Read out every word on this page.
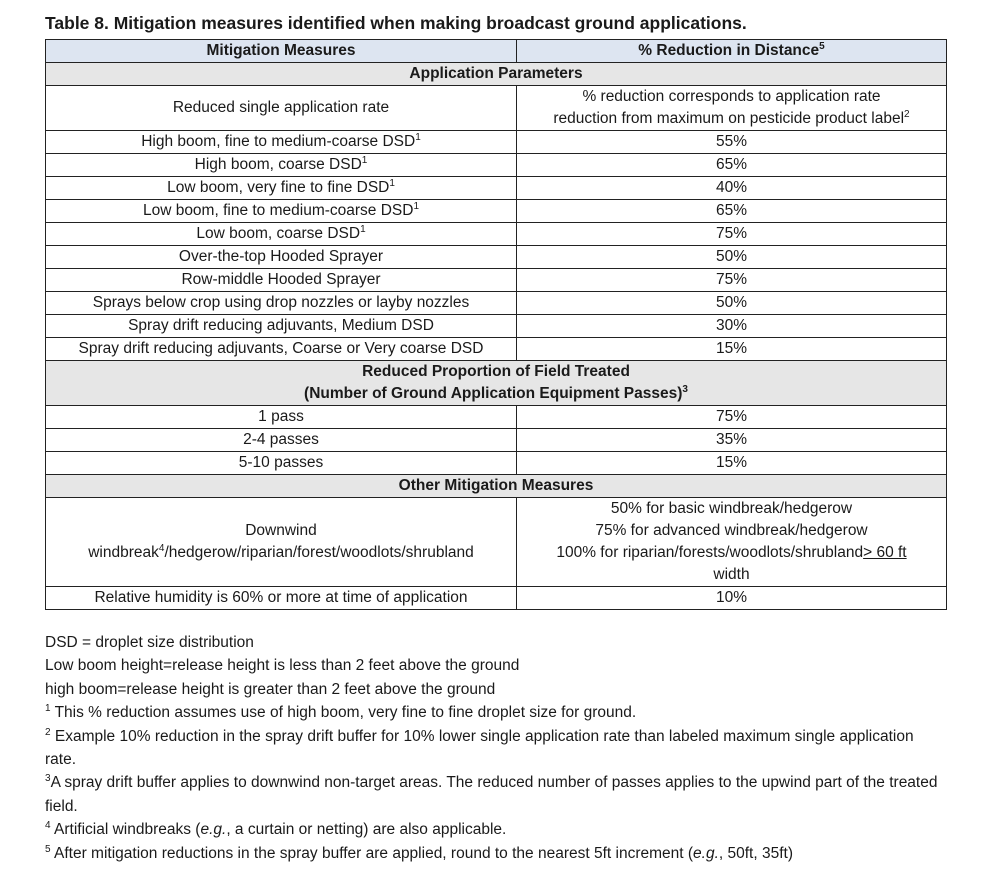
Table 8. Mitigation measures identified when making broadcast ground applications.
Mitigation Measures	% Reduction in Distance$^5$
Application Parameters	
Reduced single application rate	% reduction corresponds to application rate
reduction from maximum on pesticide product label$^2$
High boom, fine to medium-coarse DSD$^1$	55%
High boom, coarse DSD$^1$	65%
Low boom, very fine to fine DSD$^1$	40%
Low boom, fine to medium-coarse DSD$^1$	65%
Low boom, coarse DSD$^1$	75%
Over-the-top Hooded Sprayer	50%
Row-middle Hooded Sprayer	75%
Sprays below crop using drop nozzles or layby nozzles	50%
Spray drift reducing adjuvants, Medium DSD	30%
Spray drift reducing adjuvants, Coarse or Very coarse DSD	15%
Reduced Proportion of Field Treated
(Number of Ground Application Equipment Passes)$^3$
1 pass	75%
2-4 passes	35%
5-10 passes	15%
Other Mitigation Measures	
Downwind
windbreak$^4$/hedgerow/riparian/forest/woodlots/shrubland	50% for basic windbreak/hedgerow
75% for advanced windbreak/hedgerow
100% for riparian/forests/woodlots/shrubland> 60 ft
width
Relative humidity is 60% or more at time of application	10%
DSD = droplet size distribution
Low boom height=release height is less than 2 feet above the ground
high boom=release height is greater than 2 feet above the ground
$^1$ This % reduction assumes use of high boom, very fine to fine droplet size for ground.
$^2$ Example 10% reduction in the spray drift buffer for 10% lower single application rate than labeled maximum single application rate.
$^3$A spray drift buffer applies to downwind non-target areas. The reduced number of passes applies to the upwind part of the treated field.
$^4$ Artificial windbreaks (e.g., a curtain or netting) are also applicable.
$^5$ After mitigation reductions in the spray buffer are applied, round to the nearest 5ft increment (e.g., 50ft, 35ft)
